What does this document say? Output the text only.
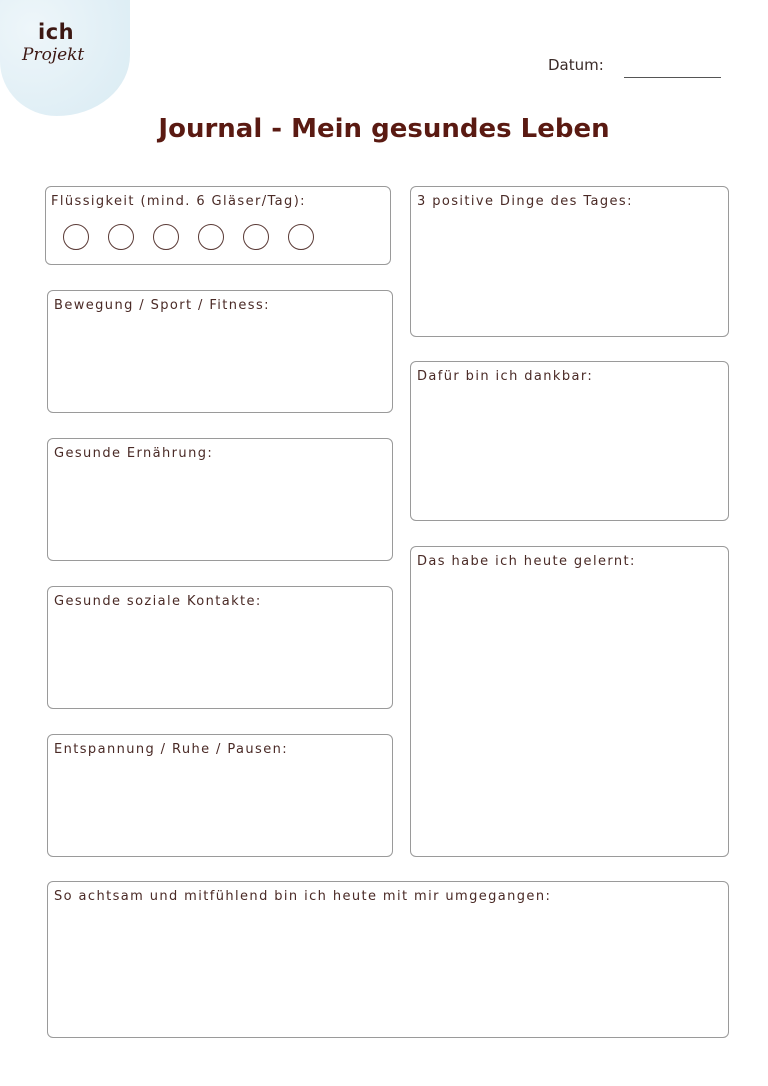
ich
Projekt	Datum:
Journal - Mein gesundes Leben
Flüssigkeit (mind. 6 Gläser/Tag):
Bewegung / Sport / Fitness:
Gesunde Ernährung:
Gesunde soziale Kontakte:
Entspannung / Ruhe / Pausen:
3 positive Dinge des Tages:
Dafür bin ich dankbar:
Das habe ich heute gelernt:
So achtsam und mitfühlend bin ich heute mit mir umgegangen:
